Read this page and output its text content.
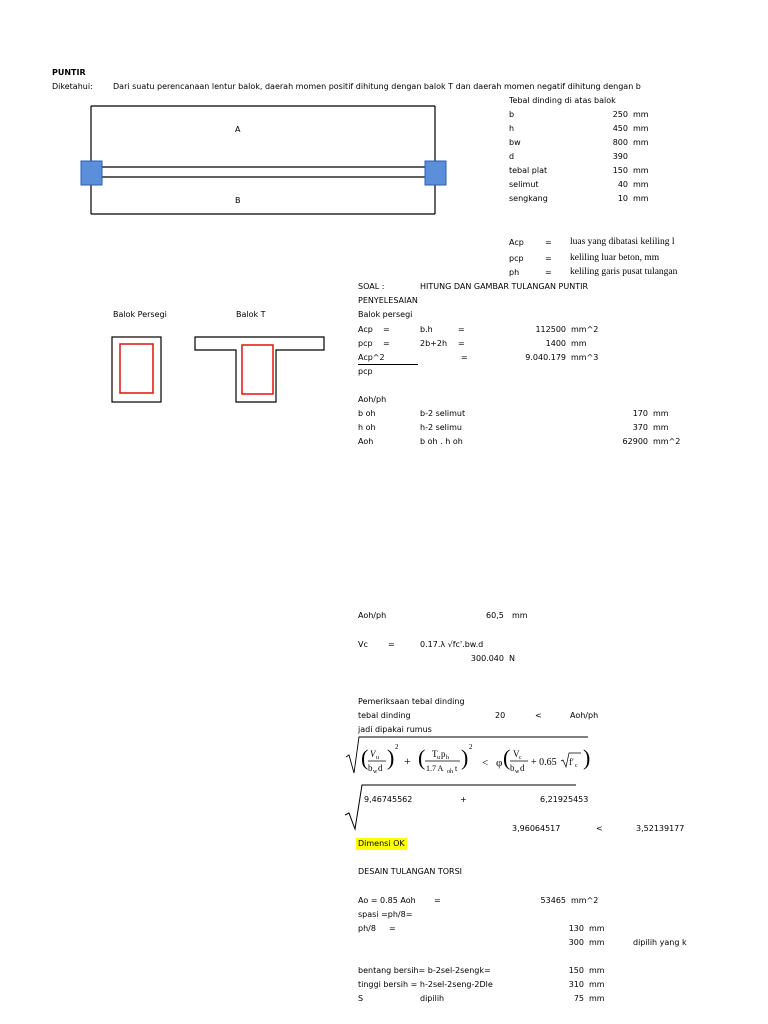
PUNTIR
Diketahui:	Dari suatu perencanaan lentur balok, daerah momen positif dihitung dengan balok T dan daerah momen negatif dihitung dengan b
A
B
Tebal dinding di atas balok
b	250 mm
h	450 mm
bw	800 mm
d	390
tebal plat	150 mm
selimut	40 mm
sengkang	10 mm
Acp	= luas yang dibatasi keliling l
pcp	= keliling luar beton, mm
ph	= keliling garis pusat tulangan
SOAL :	HITUNG DAN GAMBAR TULANGAN PUNTIR
PENYELESAIAN
Balok Persegi	Balok T	Balok persegi
Acp =	b.h	=	112500 mm^2
pcp =	2b+2h =	1400 mm
Acp^2	=	9.040.179 mm^3
pcp
Aoh/ph
b oh	b-2 selimut	170 mm
h oh	h-2 selimu	370 mm
Aoh	b oh . h oh	62900 mm^2
Aoh/ph	60,5 mm
Vc	=	0.17.λ √fc'.bw.d
300.040 N
Pemeriksaan tebal dinding
tebal dinding	20	<	Aoh/ph
jadi dipakai rumus
( V u
b w d ) 2
+ ( T u p h
1.7 A oh t ) 2
< φ ( V c
b w d + 0.65 f′ c )
9,46745562	+	6,21925453
3,96064517	<	3,52139177
Dimensi OK
DESAIN TULANGAN TORSI
Ao = 0.85 Aoh =	53465 mm^2
spasi =ph/8=
ph/8 =	130 mm
300 mm	dipilih yang k
bentang bersih= b-2sel-2sengk=	150 mm
tinggi bersih = h-2sel-2seng-2Dle	310 mm
S	dipilih	75 mm
